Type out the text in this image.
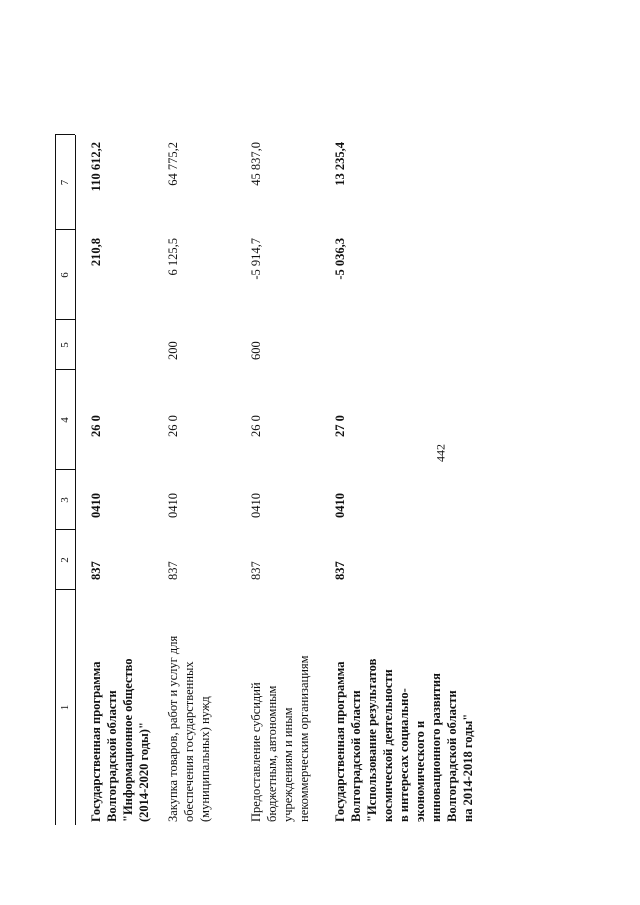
442
1
2
3
4
5
6
7
Государственная программа Волгоградской области "Информационное общество (2014-2020 годы)"
837
0410
26 0
210,8
110 612,2
Закупка товаров, работ и услуг для обеспечения государственных (муниципальных) нужд
837
0410
26 0
200
6 125,5
64 775,2
Предоставление субсидий бюджетным, автономным учреждениям и иным некоммерческим организациям
837
0410
26 0
600
-5 914,7
45 837,0
Государственная программа Волгоградской области "Использование результатов космической деятельности в интересах социально- экономического и инновационного развития Волгоградской области на 2014-2018 годы"
837
0410
27 0
-5 036,3
13 235,4
